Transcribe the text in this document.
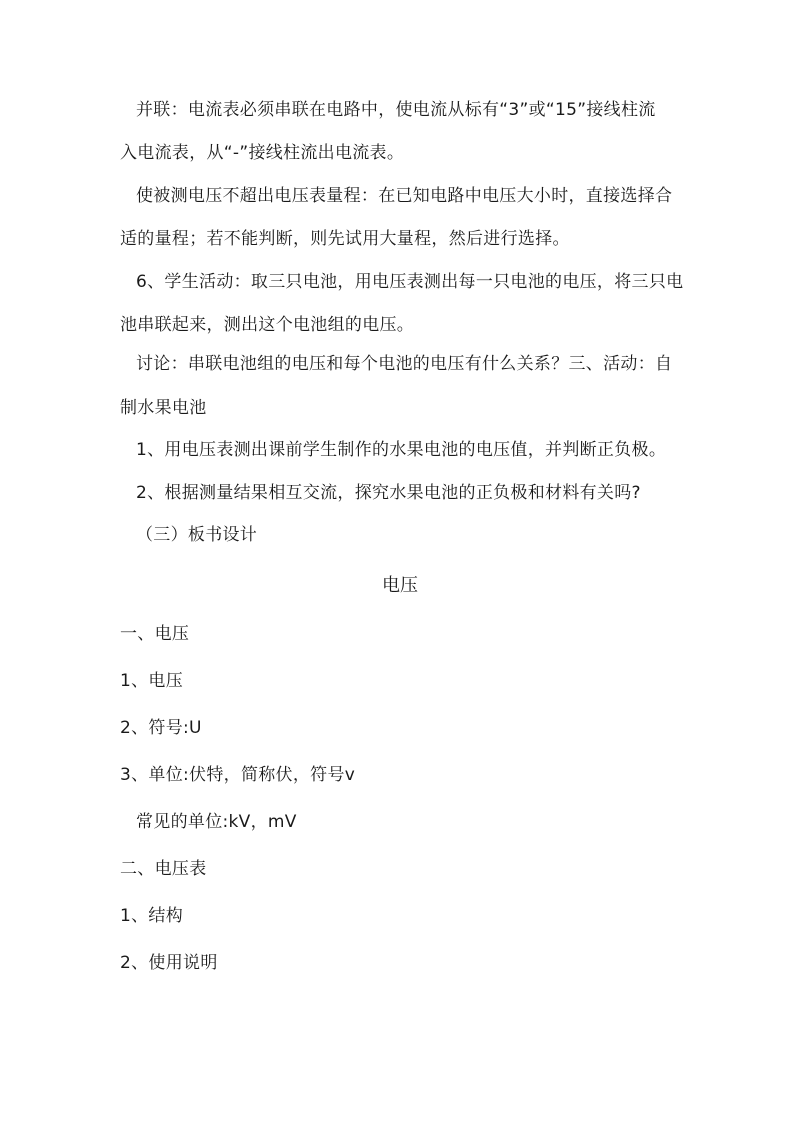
并联：电流表必须串联在电路中，使电流从标有“3”或“15”接线柱流
入电流表，从“-”接线柱流出电流表。
使被测电压不超出电压表量程：在已知电路中电压大小时，直接选择合
适的量程；若不能判断，则先试用大量程，然后进行选择。
6、学生活动：取三只电池，用电压表测出每一只电池的电压，将三只电
池串联起来，测出这个电池组的电压。
讨论：串联电池组的电压和每个电池的电压有什么关系？三、活动：自
制水果电池
1、用电压表测出课前学生制作的水果电池的电压值，并判断正负极。
2、根据测量结果相互交流，探究水果电池的正负极和材料有关吗?
（三）板书设计
电压
一、电压
1、电压
2、符号:U
3、单位:伏特，简称伏，符号v
常见的单位:kV，mV
二、电压表
1、结构
2、使用说明
